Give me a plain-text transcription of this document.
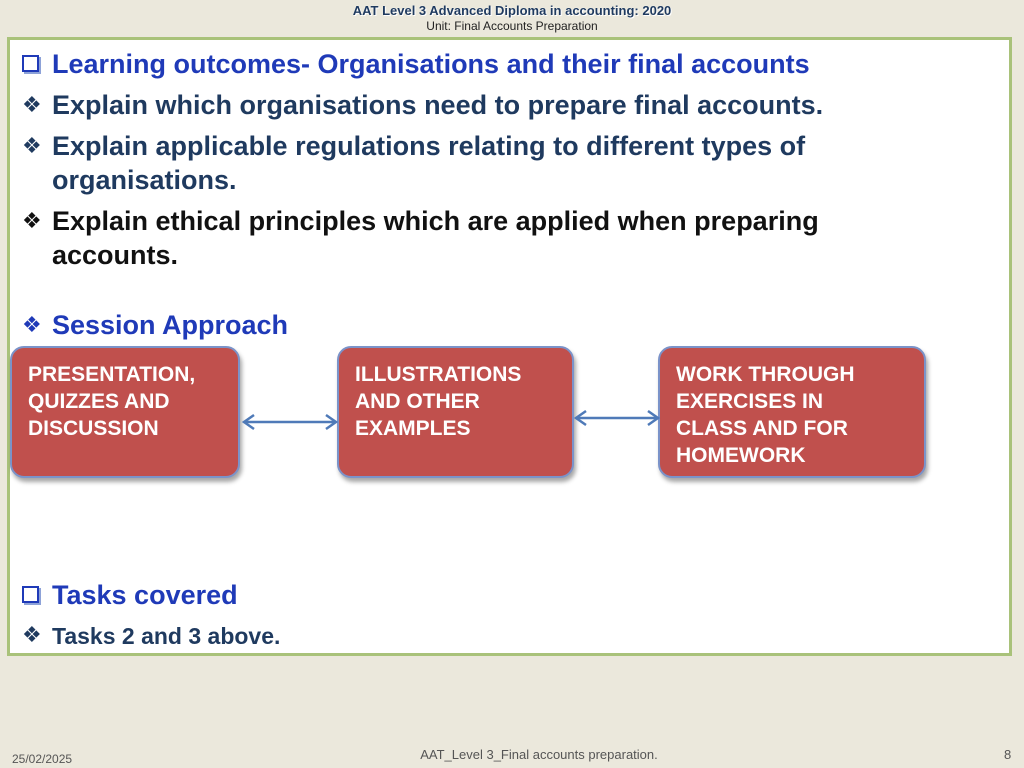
AAT Level 3 Advanced Diploma in accounting: 2020
Unit: Final Accounts Preparation
Learning outcomes- Organisations and their final accounts
❖ Explain which organisations need to prepare final accounts.
❖ Explain applicable regulations relating to different types of
organisations.
❖ Explain ethical principles which are applied when preparing
accounts.
❖ Session Approach
Tasks covered
❖ Tasks 2 and 3 above.
PRESENTATION,
QUIZZES AND
DISCUSSION
ILLUSTRATIONS
AND OTHER
EXAMPLES
WORK THROUGH
EXERCISES IN
CLASS AND FOR
HOMEWORK
25/02/2025	AAT_Level 3_Final accounts preparation.	8
